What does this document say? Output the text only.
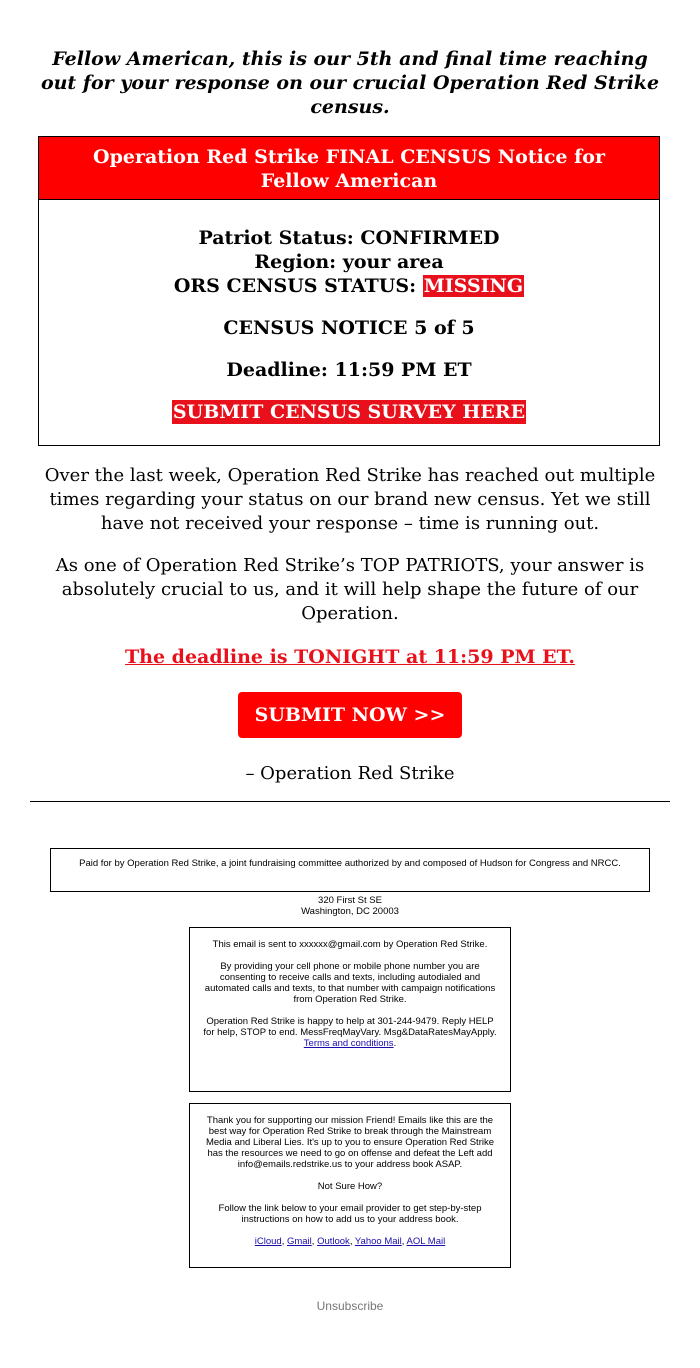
Fellow American, this is our 5th and final time reaching out for your response on our crucial Operation Red Strike census.
Operation Red Strike FINAL CENSUS Notice for Fellow American

Patriot Status: CONFIRMED

Region: your area

ORS CENSUS STATUS: MISSING

CENSUS NOTICE 5 of 5

Deadline: 11:59 PM ET

SUBMIT CENSUS SURVEY HERE

Over the last week, Operation Red Strike has reached out multiple times regarding your status on our brand new census. Yet we still have not received your response – time is running out.

As one of Operation Red Strike’s TOP PATRIOTS, your answer is absolutely crucial to us, and it will help shape the future of our Operation.

The deadline is TONIGHT at 11:59 PM ET.
SUBMIT NOW >>
– Operation Red Strike
Paid for by Operation Red Strike, a joint fundraising committee authorized by and composed of Hudson for Congress and NRCC.
320 First St SE
Washington, DC 20003

This email is sent to xxxxxx@gmail.com by Operation Red Strike.

By providing your cell phone or mobile phone number you are consenting to receive calls and texts, including autodialed and automated calls and texts, to that number with campaign notifications from Operation Red Strike.

Operation Red Strike is happy to help at 301-244-9479. Reply HELP for help, STOP to end. MessFreqMayVary. Msg&DataRatesMayApply. Terms and conditions.

Thank you for supporting our mission Friend! Emails like this are the best way for Operation Red Strike to break through the Mainstream Media and Liberal Lies. It's up to you to ensure Operation Red Strike has the resources we need to go on offense and defeat the Left add info@emails.redstrike.us to your address book ASAP.

Not Sure How?

Follow the link below to your email provider to get step-by-step instructions on how to add us to your address book.

iCloud, Gmail, Outlook, Yahoo Mail, AOL Mail

Unsubscribe
